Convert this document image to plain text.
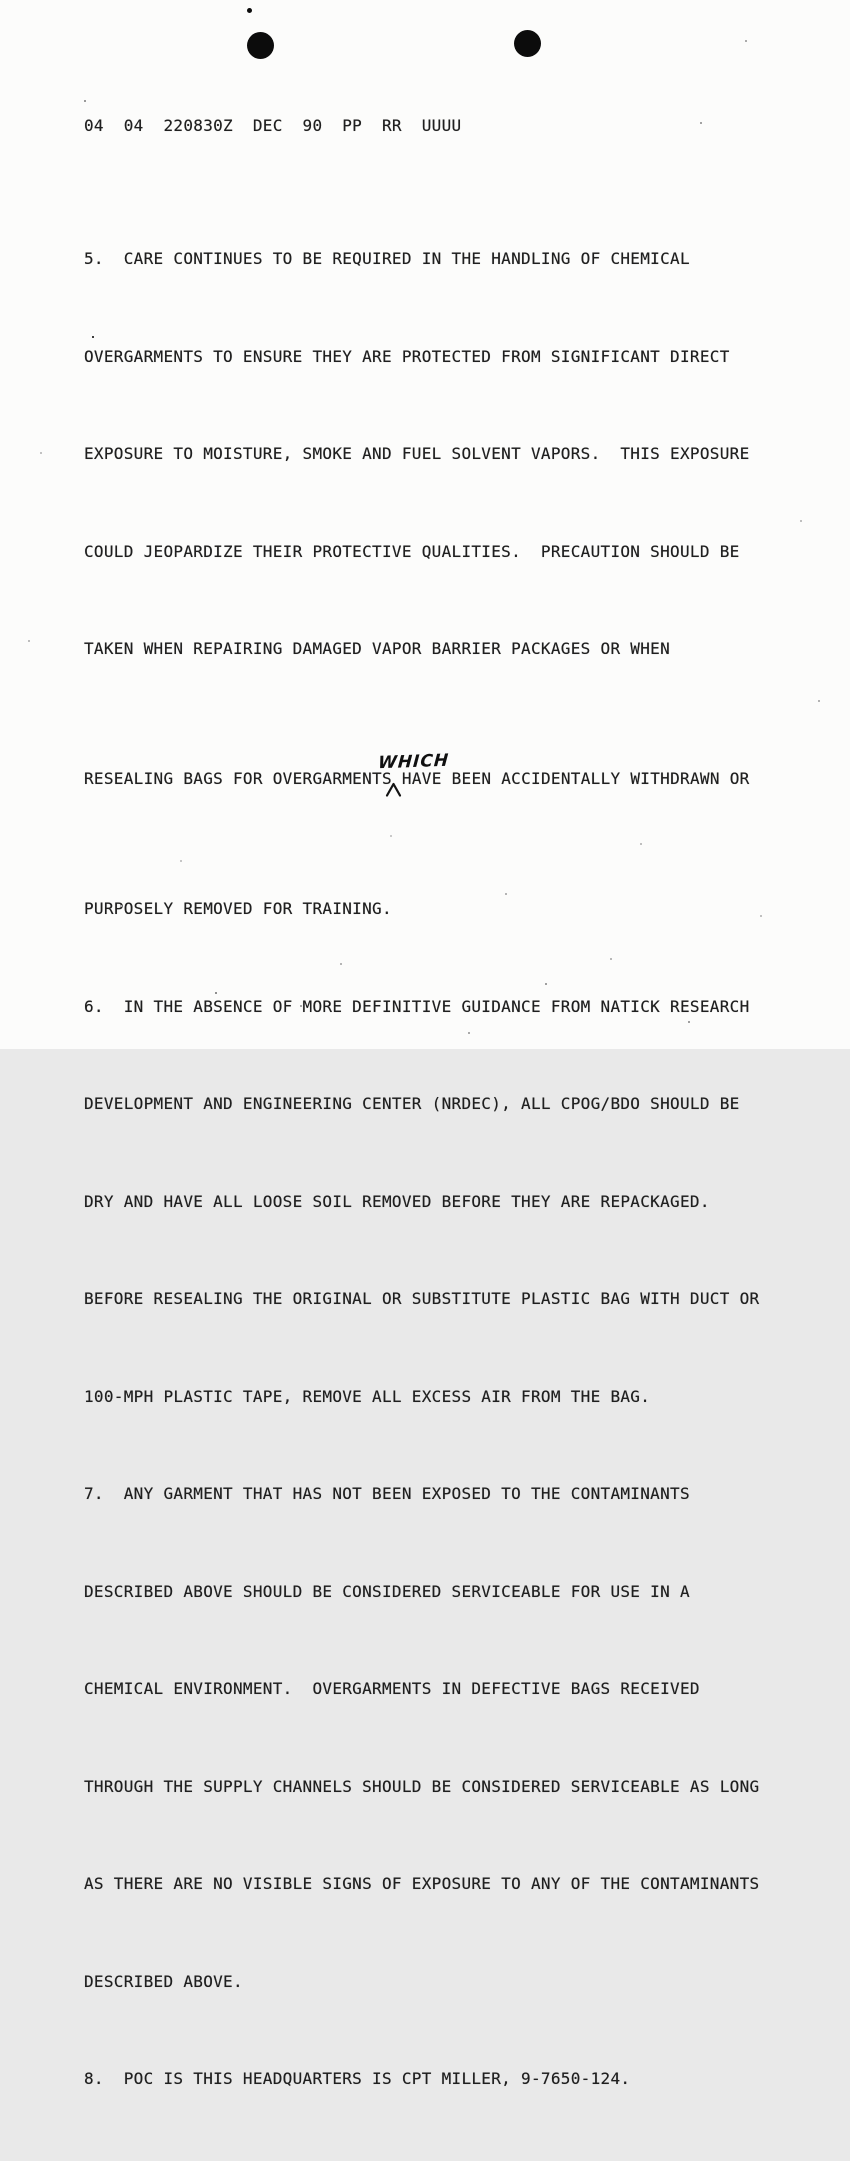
04  04  220830Z  DEC  90  PP  RR  UUUU

5.  CARE CONTINUES TO BE REQUIRED IN THE HANDLING OF CHEMICAL

OVERGARMENTS TO ENSURE THEY ARE PROTECTED FROM SIGNIFICANT DIRECT

EXPOSURE TO MOISTURE, SMOKE AND FUEL SOLVENT VAPORS.  THIS EXPOSURE

COULD JEOPARDIZE THEIR PROTECTIVE QUALITIES.  PRECAUTION SHOULD BE

TAKEN WHEN REPAIRING DAMAGED VAPOR BARRIER PACKAGES OR WHEN

RESEALING BAGS FOR OVERGARMENTS
WHICH
HAVE BEEN ACCIDENTALLY WITHDRAWN OR

PURPOSELY REMOVED FOR TRAINING.

6.  IN THE ABSENCE OF MORE DEFINITIVE GUIDANCE FROM NATICK RESEARCH

DEVELOPMENT AND ENGINEERING CENTER (NRDEC), ALL CPOG/BDO SHOULD BE

DRY AND HAVE ALL LOOSE SOIL REMOVED BEFORE THEY ARE REPACKAGED.

BEFORE RESEALING THE ORIGINAL OR SUBSTITUTE PLASTIC BAG WITH DUCT OR

100-MPH PLASTIC TAPE, REMOVE ALL EXCESS AIR FROM THE BAG.

7.  ANY GARMENT THAT HAS NOT BEEN EXPOSED TO THE CONTAMINANTS

DESCRIBED ABOVE SHOULD BE CONSIDERED SERVICEABLE FOR USE IN A

CHEMICAL ENVIRONMENT.  OVERGARMENTS IN DEFECTIVE BAGS RECEIVED

THROUGH THE SUPPLY CHANNELS SHOULD BE CONSIDERED SERVICEABLE AS LONG

AS THERE ARE NO VISIBLE SIGNS OF EXPOSURE TO ANY OF THE CONTAMINANTS

DESCRIBED ABOVE.

8.  POC IS THIS HEADQUARTERS IS CPT MILLER, 9-7650-124.
